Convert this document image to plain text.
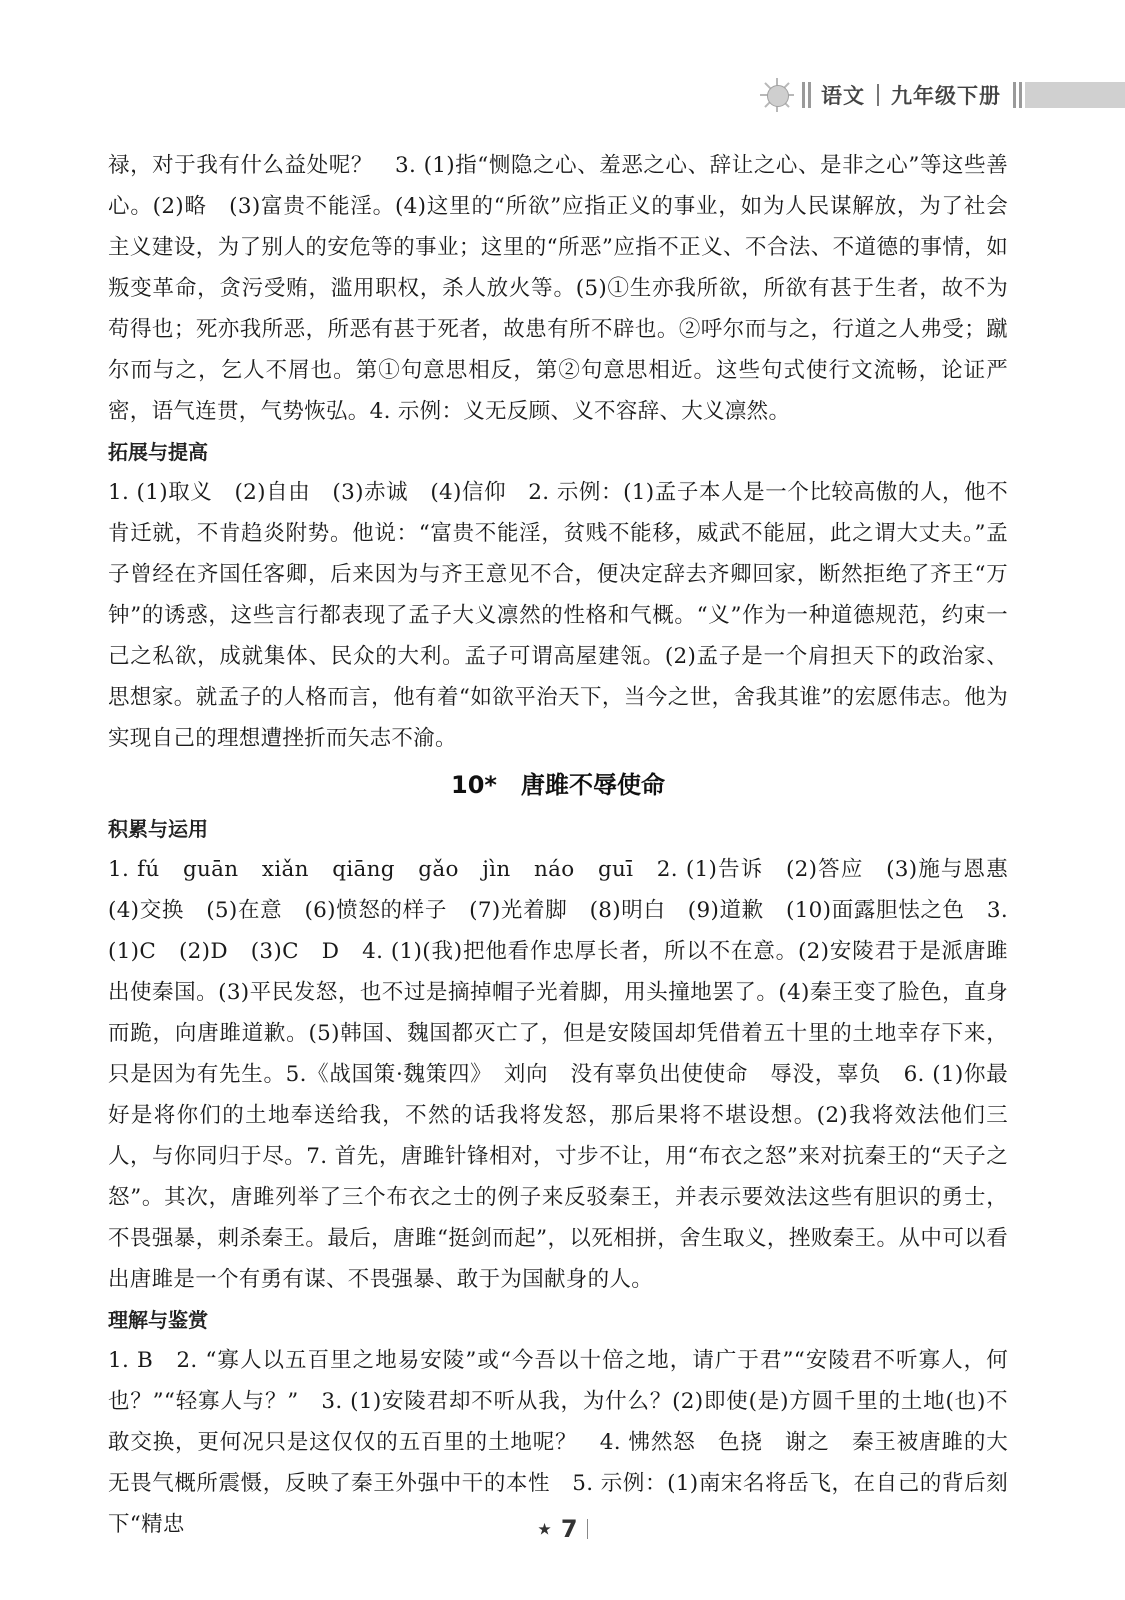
语文 九年级下册

禄，对于我有什么益处呢？　3. (1)指“恻隐之心、羞恶之心、辞让之心、是非之心”等这些善心。(2)略　(3)富贵不能淫。(4)这里的“所欲”应指正义的事业，如为人民谋解放，为了社会主义建设，为了别人的安危等的事业；这里的“所恶”应指不正义、不合法、不道德的事情，如叛变革命，贪污受贿，滥用职权，杀人放火等。(5)①生亦我所欲，所欲有甚于生者，故不为苟得也；死亦我所恶，所恶有甚于死者，故患有所不辟也。②呼尔而与之，行道之人弗受；蹴尔而与之，乞人不屑也。第①句意思相反，第②句意思相近。这些句式使行文流畅，论证严密，语气连贯，气势恢弘。4. 示例：义无反顾、义不容辞、大义凛然。

拓展与提高

1. (1)取义　(2)自由　(3)赤诚　(4)信仰　2. 示例：(1)孟子本人是一个比较高傲的人，他不肯迁就，不肯趋炎附势。他说：“富贵不能淫，贫贱不能移，威武不能屈，此之谓大丈夫。”孟子曾经在齐国任客卿，后来因为与齐王意见不合，便决定辞去齐卿回家，断然拒绝了齐王“万钟”的诱惑，这些言行都表现了孟子大义凛然的性格和气概。“义”作为一种道德规范，约束一己之私欲，成就集体、民众的大利。孟子可谓高屋建瓴。(2)孟子是一个肩担天下的政治家、思想家。就孟子的人格而言，他有着“如欲平治天下，当今之世，舍我其谁”的宏愿伟志。他为实现自己的理想遭挫折而矢志不渝。

10*　唐雎不辱使命
积累与运用

1. fú　guān　xiǎn　qiāng　gǎo　jìn　náo　guī　2. (1)告诉　(2)答应　(3)施与恩惠　(4)交换　(5)在意　(6)愤怒的样子　(7)光着脚　(8)明白　(9)道歉　(10)面露胆怯之色　3. (1)C　(2)D　(3)C　D　4. (1)(我)把他看作忠厚长者，所以不在意。(2)安陵君于是派唐雎出使秦国。(3)平民发怒，也不过是摘掉帽子光着脚，用头撞地罢了。(4)秦王变了脸色，直身而跪，向唐雎道歉。(5)韩国、魏国都灭亡了，但是安陵国却凭借着五十里的土地幸存下来，只是因为有先生。5.《战国策·魏策四》　刘向　没有辜负出使使命　辱没，辜负　6. (1)你最好是将你们的土地奉送给我，不然的话我将发怒，那后果将不堪设想。(2)我将效法他们三人，与你同归于尽。7. 首先，唐雎针锋相对，寸步不让，用“布衣之怒”来对抗秦王的“天子之怒”。其次，唐雎列举了三个布衣之士的例子来反驳秦王，并表示要效法这些有胆识的勇士，不畏强暴，刺杀秦王。最后，唐雎“挺剑而起”，以死相拼，舍生取义，挫败秦王。从中可以看出唐雎是一个有勇有谋、不畏强暴、敢于为国献身的人。

理解与鉴赏

1. B　2. “寡人以五百里之地易安陵”或“今吾以十倍之地，请广于君”“安陵君不听寡人，何也？”“轻寡人与？”　3. (1)安陵君却不听从我，为什么？(2)即使(是)方圆千里的土地(也)不敢交换，更何况只是这仅仅的五百里的土地呢？　4. 怫然怒　色挠　谢之　秦王被唐雎的大无畏气概所震慑，反映了秦王外强中干的本性　5. 示例：(1)南宋名将岳飞，在自己的背后刻下“精忠	★ 7
